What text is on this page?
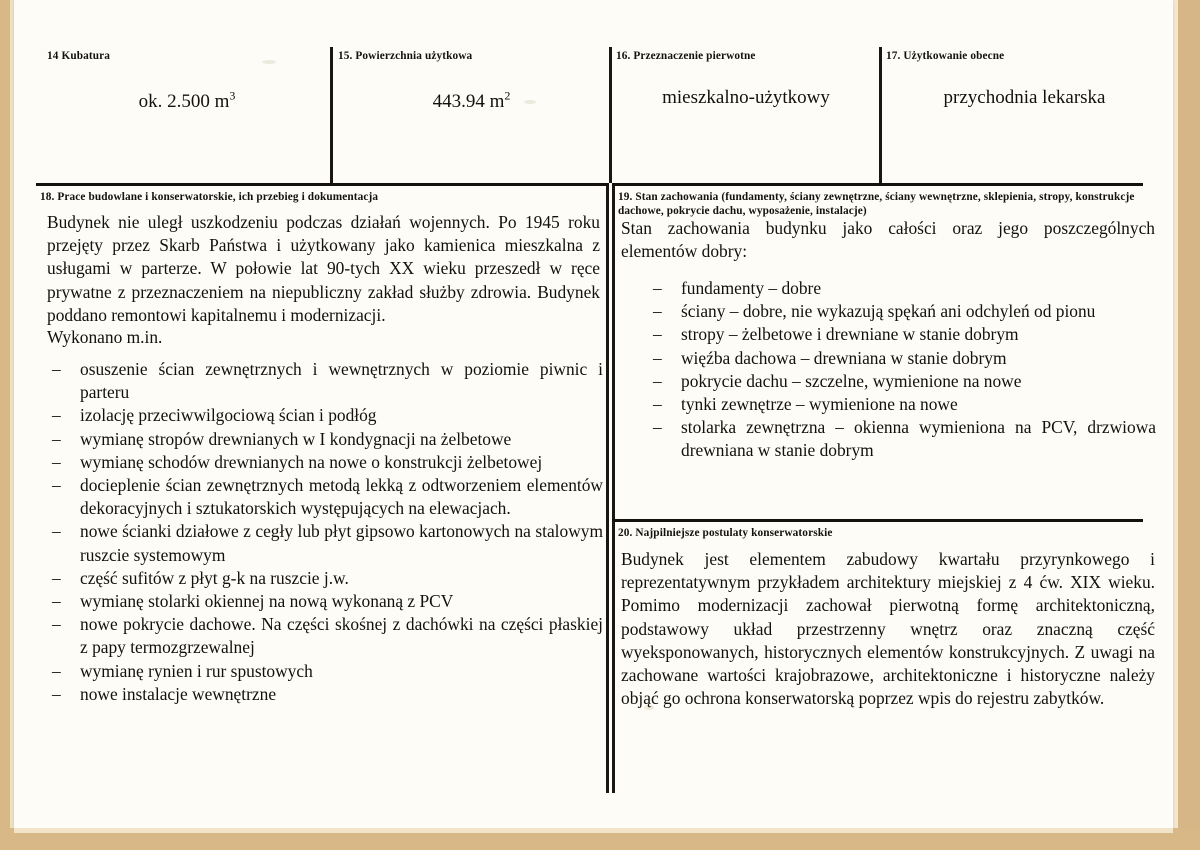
14 Kubatura
ok. 2.500 $m^3$
15. Powierzchnia użytkowa
443.94 $m^2$
16. Przeznaczenie pierwotne
mieszkalno-użytkowy
17. Użytkowanie obecne
przychodnia lekarska
18. Prace budowlane i konserwatorskie, ich przebieg i dokumentacja
Budynek nie uległ uszkodzeniu podczas działań wojennych. Po 1945 roku przejęty przez Skarb Państwa i użytkowany jako kamienica mieszkalna z usługami w parterze. W połowie lat 90-tych XX wieku przeszedł w ręce prywatne z przeznaczeniem na niepubliczny zakład służby zdrowia. Budynek poddano remontowi kapitalnemu i modernizacji.
Wykonano m.in.
– osuszenie ścian zewnętrznych i wewnętrznych w poziomie piwnic i parteru
– izolację przeciwwilgociową ścian i podłóg
– wymianę stropów drewnianych w I kondygnacji na żelbetowe
– wymianę schodów drewnianych na nowe o konstrukcji żelbetowej
– docieplenie ścian zewnętrznych metodą lekką z odtworzeniem elementów dekoracyjnych i sztukatorskich występujących na elewacjach.
– nowe ścianki działowe z cegły lub płyt gipsowo kartonowych na stalowym ruszcie systemowym
– część sufitów z płyt g-k na ruszcie j.w.
– wymianę stolarki okiennej na nową wykonaną z PCV
– nowe pokrycie dachowe. Na części skośnej z dachówki na części płaskiej z papy termozgrzewalnej
– wymianę rynien i rur spustowych
– nowe instalacje wewnętrzne
19. Stan zachowania (fundamenty, ściany zewnętrzne, ściany wewnętrzne, sklepienia, stropy, konstrukcje dachowe, pokrycie dachu, wyposażenie, instalacje)
Stan zachowania budynku jako całości oraz jego poszczególnych elementów dobry:
– fundamenty – dobre
– ściany – dobre, nie wykazują spękań ani odchyleń od pionu
– stropy – żelbetowe i drewniane w stanie dobrym
– więźba dachowa – drewniana w stanie dobrym
– pokrycie dachu – szczelne, wymienione na nowe
– tynki zewnętrze – wymienione na nowe
– stolarka zewnętrzna – okienna wymieniona na PCV, drzwiowa drewniana w stanie dobrym
20. Najpilniejsze postulaty konserwatorskie
Budynek jest elementem zabudowy kwartału przyrynkowego i reprezentatywnym przykładem architektury miejskiej z 4 ćw. XIX wieku. Pomimo modernizacji zachował pierwotną formę architektoniczną, podstawowy układ przestrzenny wnętrz oraz znaczną część wyeksponowanych, historycznych elementów konstrukcyjnych. Z uwagi na zachowane wartości krajobrazowe, architektoniczne i historyczne należy objąć go ochrona konserwatorską poprzez wpis do rejestru zabytków.
